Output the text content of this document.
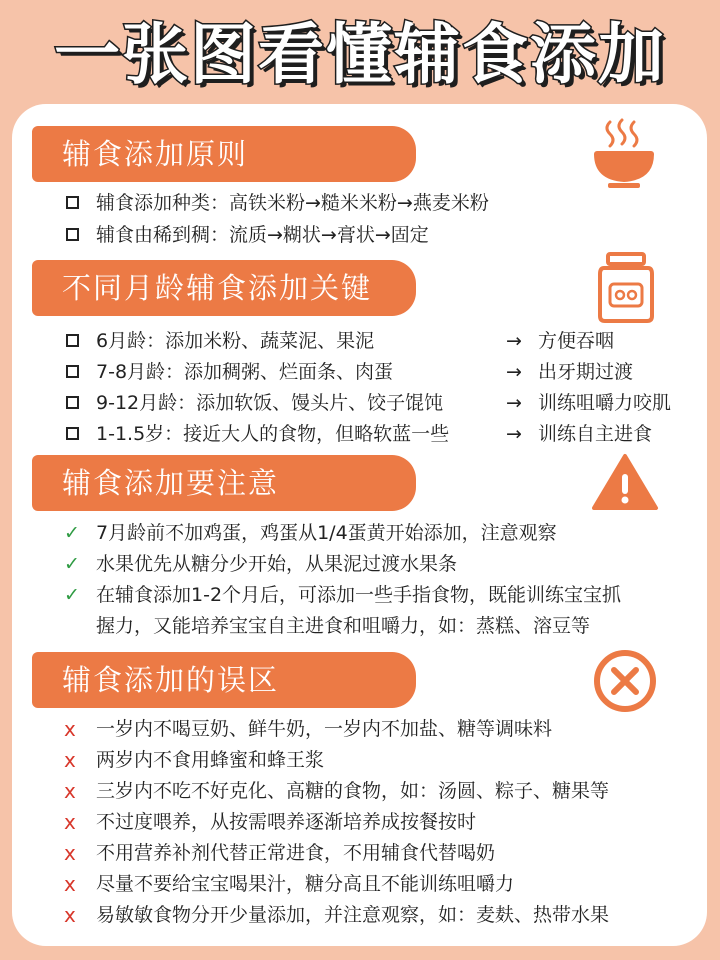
一张图看懂辅食添加
辅食添加原则
辅食添加种类：高铁米粉→糙米米粉→燕麦米粉
辅食由稀到稠：流质→糊状→膏状→固定
不同月龄辅食添加关键
6月龄：添加米粉、蔬菜泥、果泥	→ 方便吞咽
7-8月龄：添加稠粥、烂面条、肉蛋	→ 出牙期过渡
9-12月龄：添加软饭、馒头片、饺子馄饨	→ 训练咀嚼力咬肌
1-1.5岁：接近大人的食物，但略软蓝一些	→ 训练自主进食
辅食添加要注意
✓ 7月龄前不加鸡蛋，鸡蛋从1/4蛋黄开始添加，注意观察
✓ 水果优先从糖分少开始，从果泥过渡水果条
✓ 在辅食添加1-2个月后，可添加一些手指食物，既能训练宝宝抓
握力，又能培养宝宝自主进食和咀嚼力，如：蒸糕、溶豆等
辅食添加的误区
x 一岁内不喝豆奶、鲜牛奶，一岁内不加盐、糖等调味料
x 两岁内不食用蜂蜜和蜂王浆
x 三岁内不吃不好克化、高糖的食物，如：汤圆、粽子、糖果等
x 不过度喂养，从按需喂养逐渐培养成按餐按时
x 不用营养补剂代替正常进食，不用辅食代替喝奶
x 尽量不要给宝宝喝果汁，糖分高且不能训练咀嚼力
x 易敏敏食物分开少量添加，并注意观察，如：麦麸、热带水果
